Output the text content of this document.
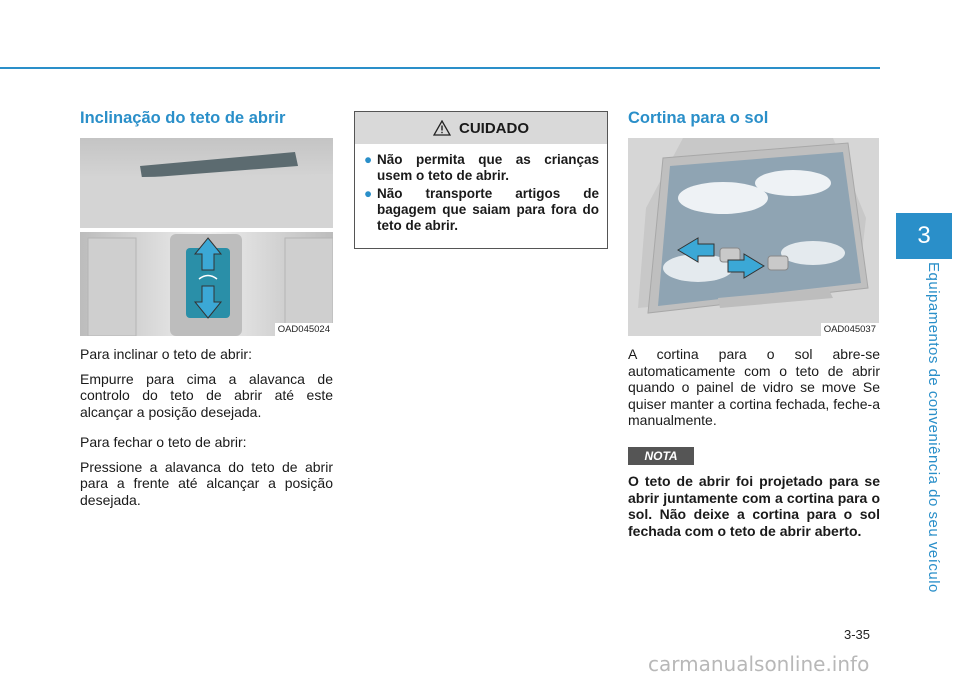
3
Equipamentos de conveniência do seu veículo
Inclinação do teto de abrir
OAD045024

Para inclinar o teto de abrir:

Empurre para cima a alavanca de controlo do teto de abrir até este alcançar a posição desejada.

Para fechar o teto de abrir:

Pressione a alavanca do teto de abrir para a frente até alcançar a posição desejada.

CUIDADO
● Não permita que as crianças usem o teto de abrir.
● Não transporte artigos de bagagem que saiam para fora do teto de abrir.
Cortina para o sol
OAD045037

A cortina para o sol abre-se automaticamente com o teto de abrir quando o painel de vidro se move Se quiser manter a cortina fechada, feche-a manualmente.

NOTA
O teto de abrir foi projetado para se abrir juntamente com a cortina para o sol. Não deixe a cortina para o sol fechada com o teto de abrir aberto.
3-35
carmanualsonline.info
